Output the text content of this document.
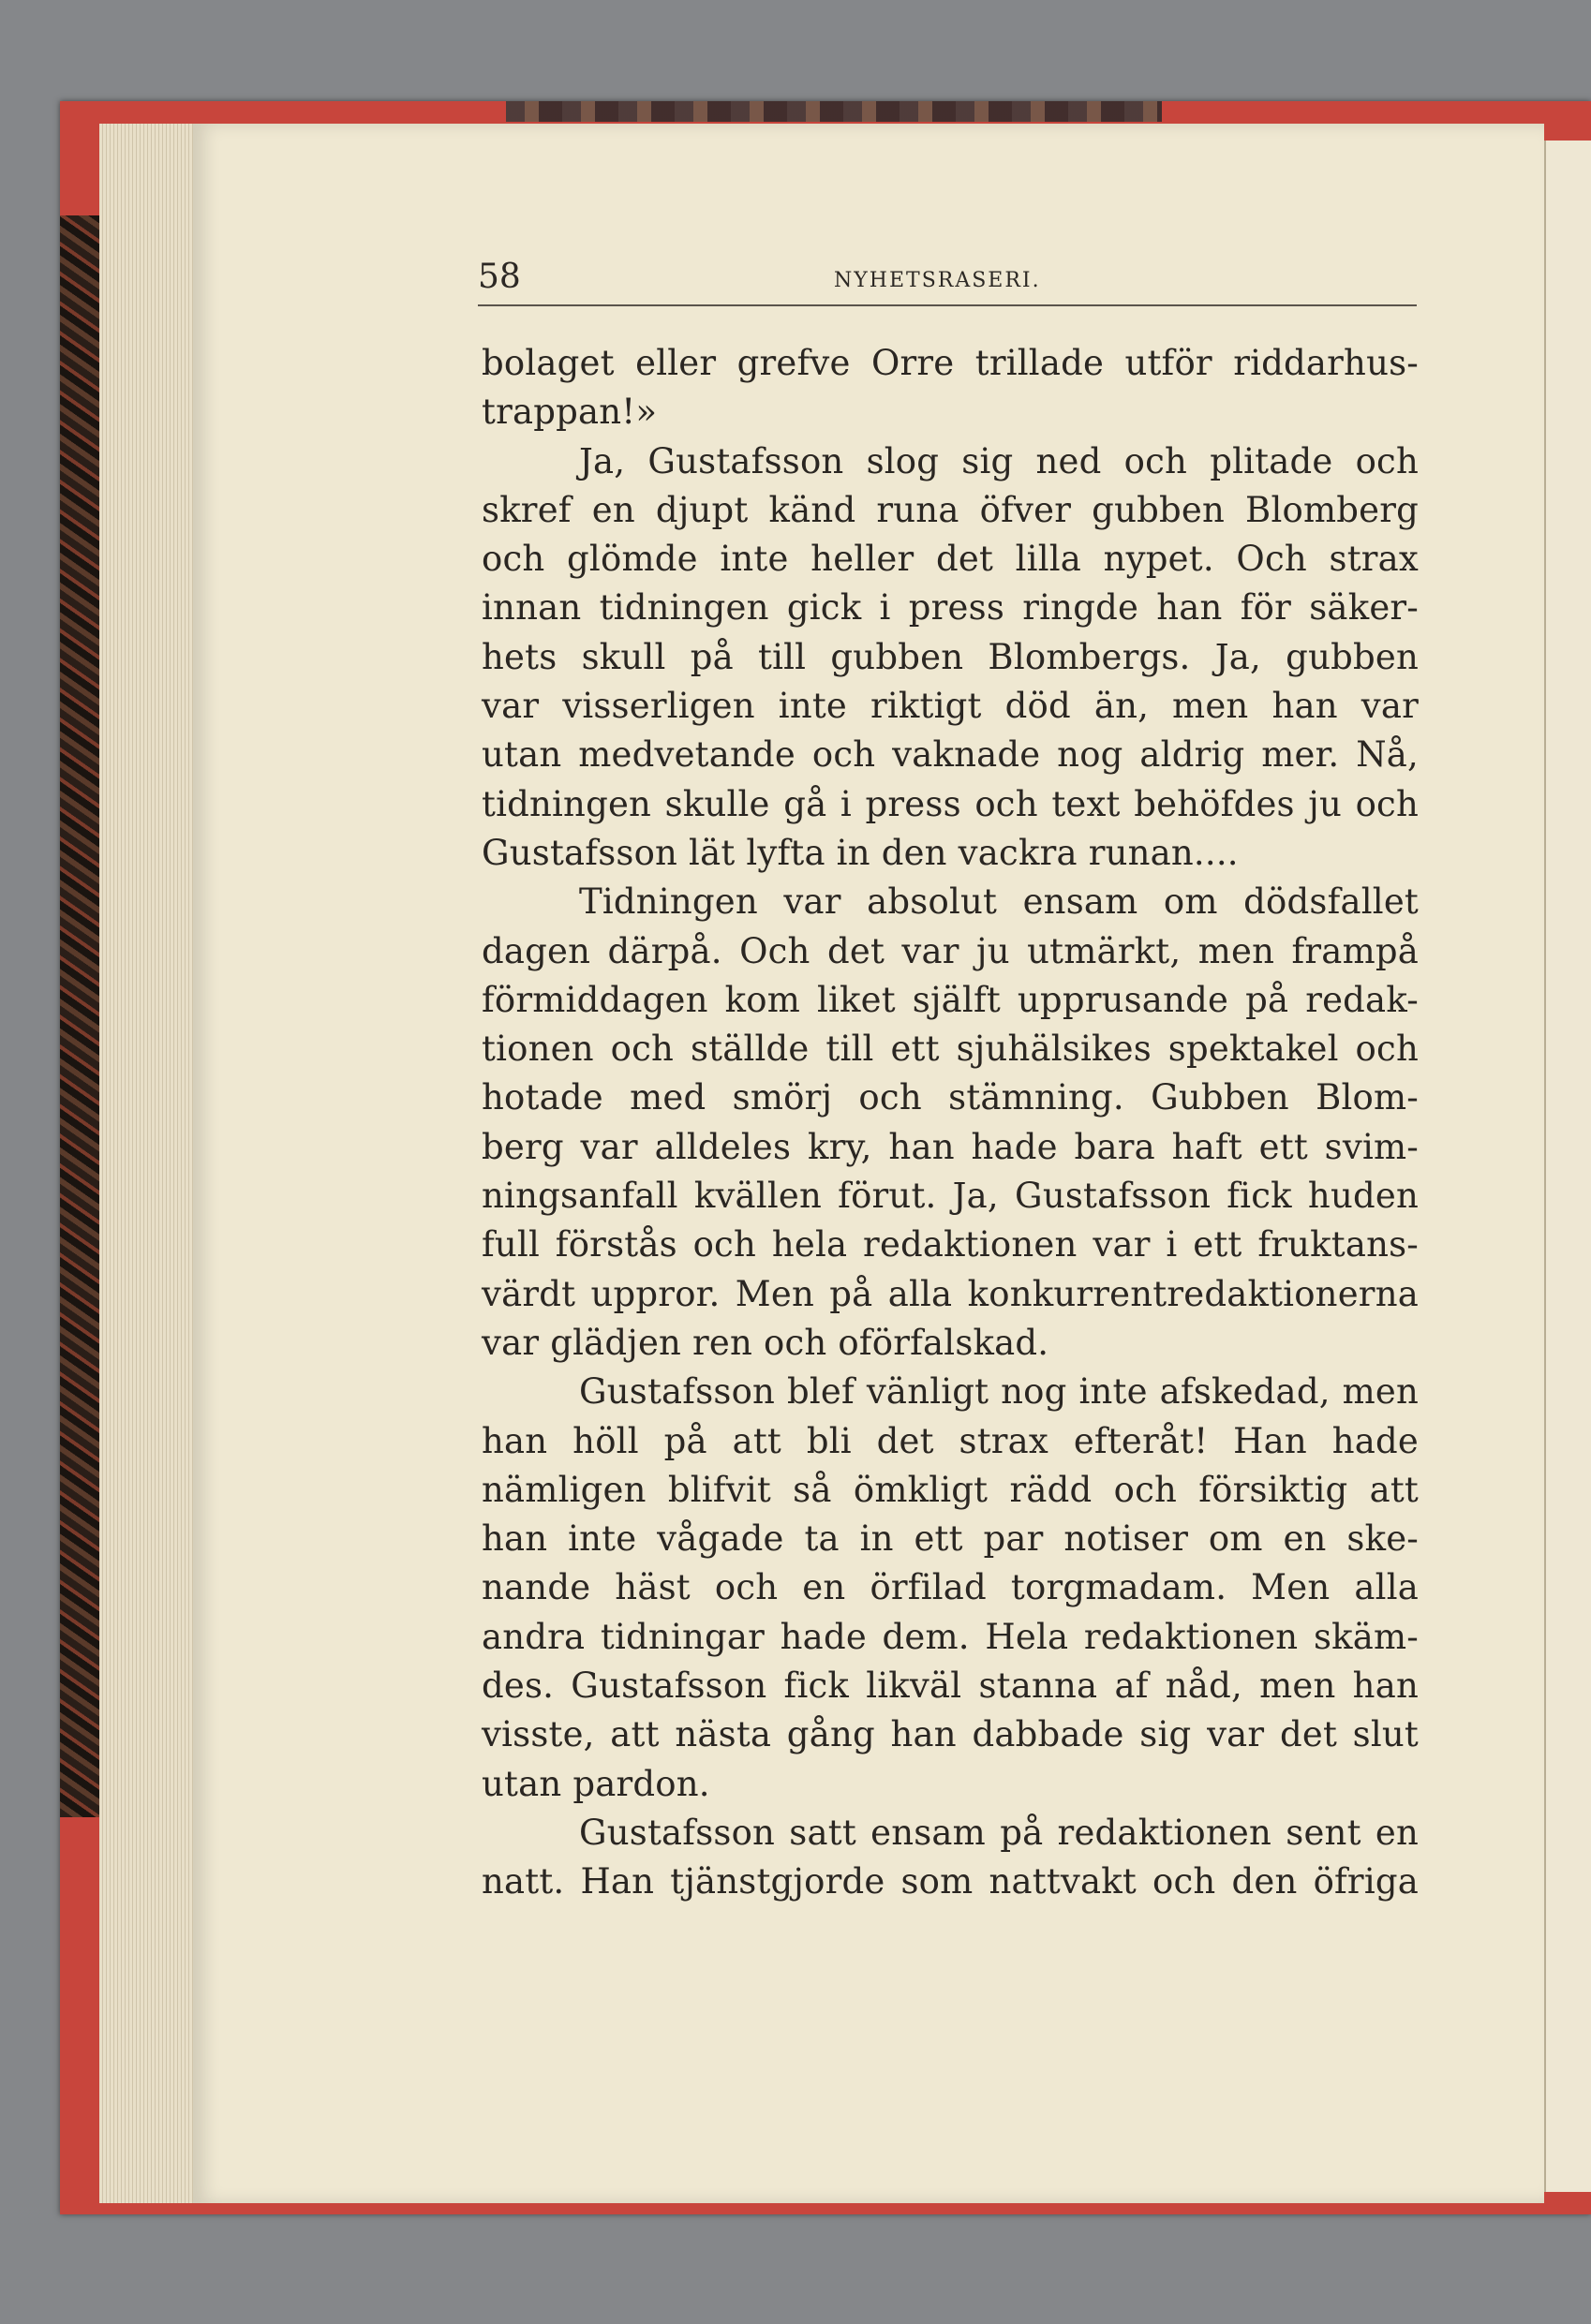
58	NYHETSRASERI.
bolaget eller grefve Orre trillade utför riddarhus-
trappan!»
Ja, Gustafsson slog sig ned och plitade och
skref en djupt känd runa öfver gubben Blomberg
och glömde inte heller det lilla nypet. Och strax
innan tidningen gick i press ringde han för säker-
hets skull på till gubben Blombergs. Ja, gubben
var visserligen inte riktigt död än, men han var
utan medvetande och vaknade nog aldrig mer. Nå,
tidningen skulle gå i press och text behöfdes ju och
Gustafsson lät lyfta in den vackra runan....
Tidningen var absolut ensam om dödsfallet
dagen därpå. Och det var ju utmärkt, men frampå
förmiddagen kom liket själft upprusande på redak-
tionen och ställde till ett sjuhälsikes spektakel och
hotade med smörj och stämning. Gubben Blom-
berg var alldeles kry, han hade bara haft ett svim-
ningsanfall kvällen förut. Ja, Gustafsson fick huden
full förstås och hela redaktionen var i ett fruktans-
värdt uppror. Men på alla konkurrentredaktionerna
var glädjen ren och oförfalskad.
Gustafsson blef vänligt nog inte afskedad, men
han höll på att bli det strax efteråt! Han hade
nämligen blifvit så ömkligt rädd och försiktig att
han inte vågade ta in ett par notiser om en ske-
nande häst och en örfilad torgmadam. Men alla
andra tidningar hade dem. Hela redaktionen skäm-
des. Gustafsson fick likväl stanna af nåd, men han
visste, att nästa gång han dabbade sig var det slut
utan pardon.
Gustafsson satt ensam på redaktionen sent en
natt. Han tjänstgjorde som nattvakt och den öfriga
